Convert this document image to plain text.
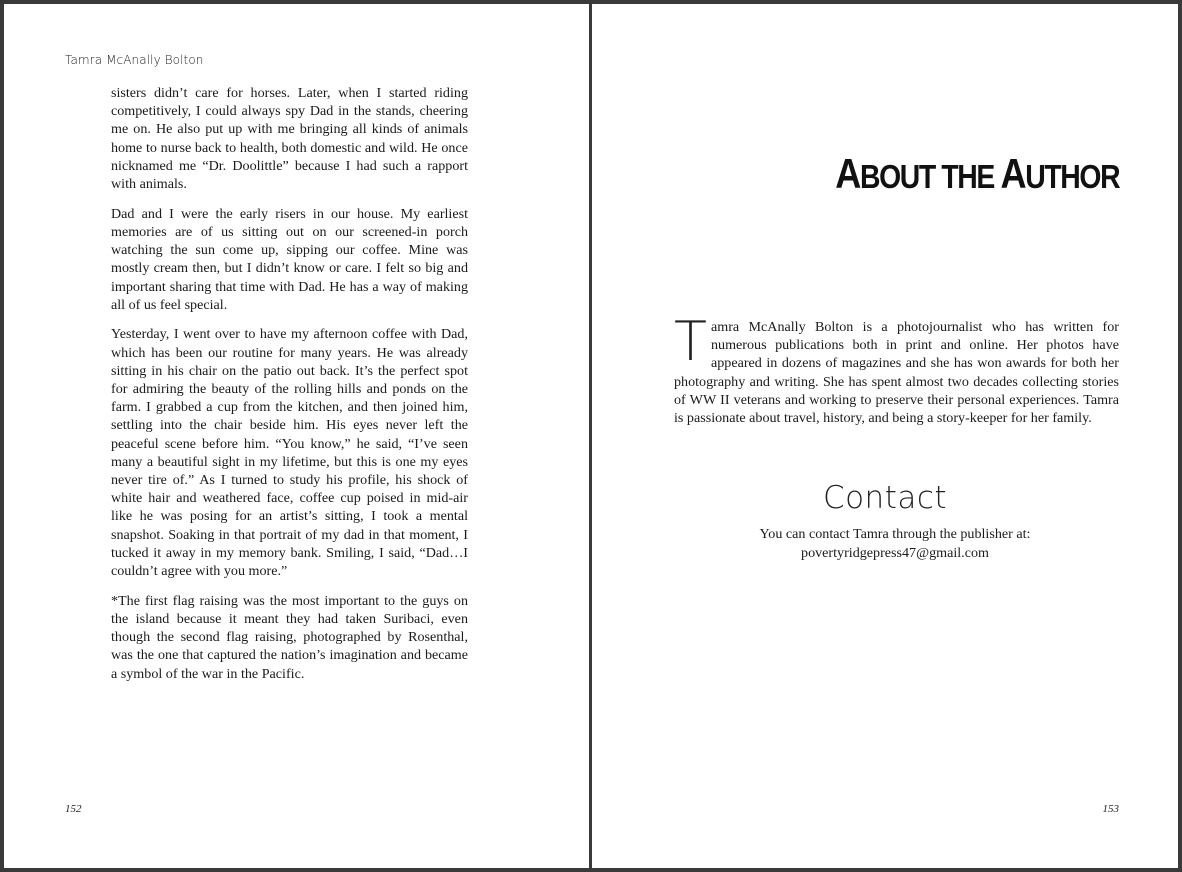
Tamra McAnally Bolton

sisters didn’t care for horses. Later, when I started riding competitively, I could always spy Dad in the stands, cheering me on. He also put up with me bringing all kinds of animals home to nurse back to health, both domestic and wild. He once nicknamed me “Dr. Doolittle” because I had such a rapport with animals.

Dad and I were the early risers in our house. My earliest memories are of us sitting out on our screened-in porch watching the sun come up, sipping our coffee. Mine was mostly cream then, but I didn’t know or care. I felt so big and important sharing that time with Dad. He has a way of making all of us feel special.

Yesterday, I went over to have my afternoon coffee with Dad, which has been our routine for many years. He was already sitting in his chair on the patio out back. It’s the perfect spot for admiring the beauty of the rolling hills and ponds on the farm. I grabbed a cup from the kitchen, and then joined him, settling into the chair beside him. His eyes never left the peaceful scene before him. “You know,” he said, “I’ve seen many a beautiful sight in my lifetime, but this is one my eyes never tire of.” As I turned to study his profile, his shock of white hair and weathered face, coffee cup poised in mid-air like he was posing for an artist’s sitting, I took a mental snapshot. Soaking in that portrait of my dad in that moment, I tucked it away in my memory bank. Smiling, I said, “Dad…I couldn’t agree with you more.”

*The first flag raising was the most important to the guys on the island because it meant they had taken Suribaci, even though the second flag raising, photographed by Rosenthal, was the one that captured the nation’s imagination and became a symbol of the war in the Pacific.

152
ABOUT THE AUTHOR
Tamra McAnally Bolton is a photojournalist who has written for numerous publications both in print and online. Her photos have appeared in dozens of magazines and she has won awards for both her photography and writing. She has spent almost two decades collecting stories of WW II veterans and working to preserve their personal experiences. Tamra is passionate about travel, history, and being a story-keeper for her family.
Contact
You can contact Tamra through the publisher at:
povertyridgepress47@gmail.com
153
